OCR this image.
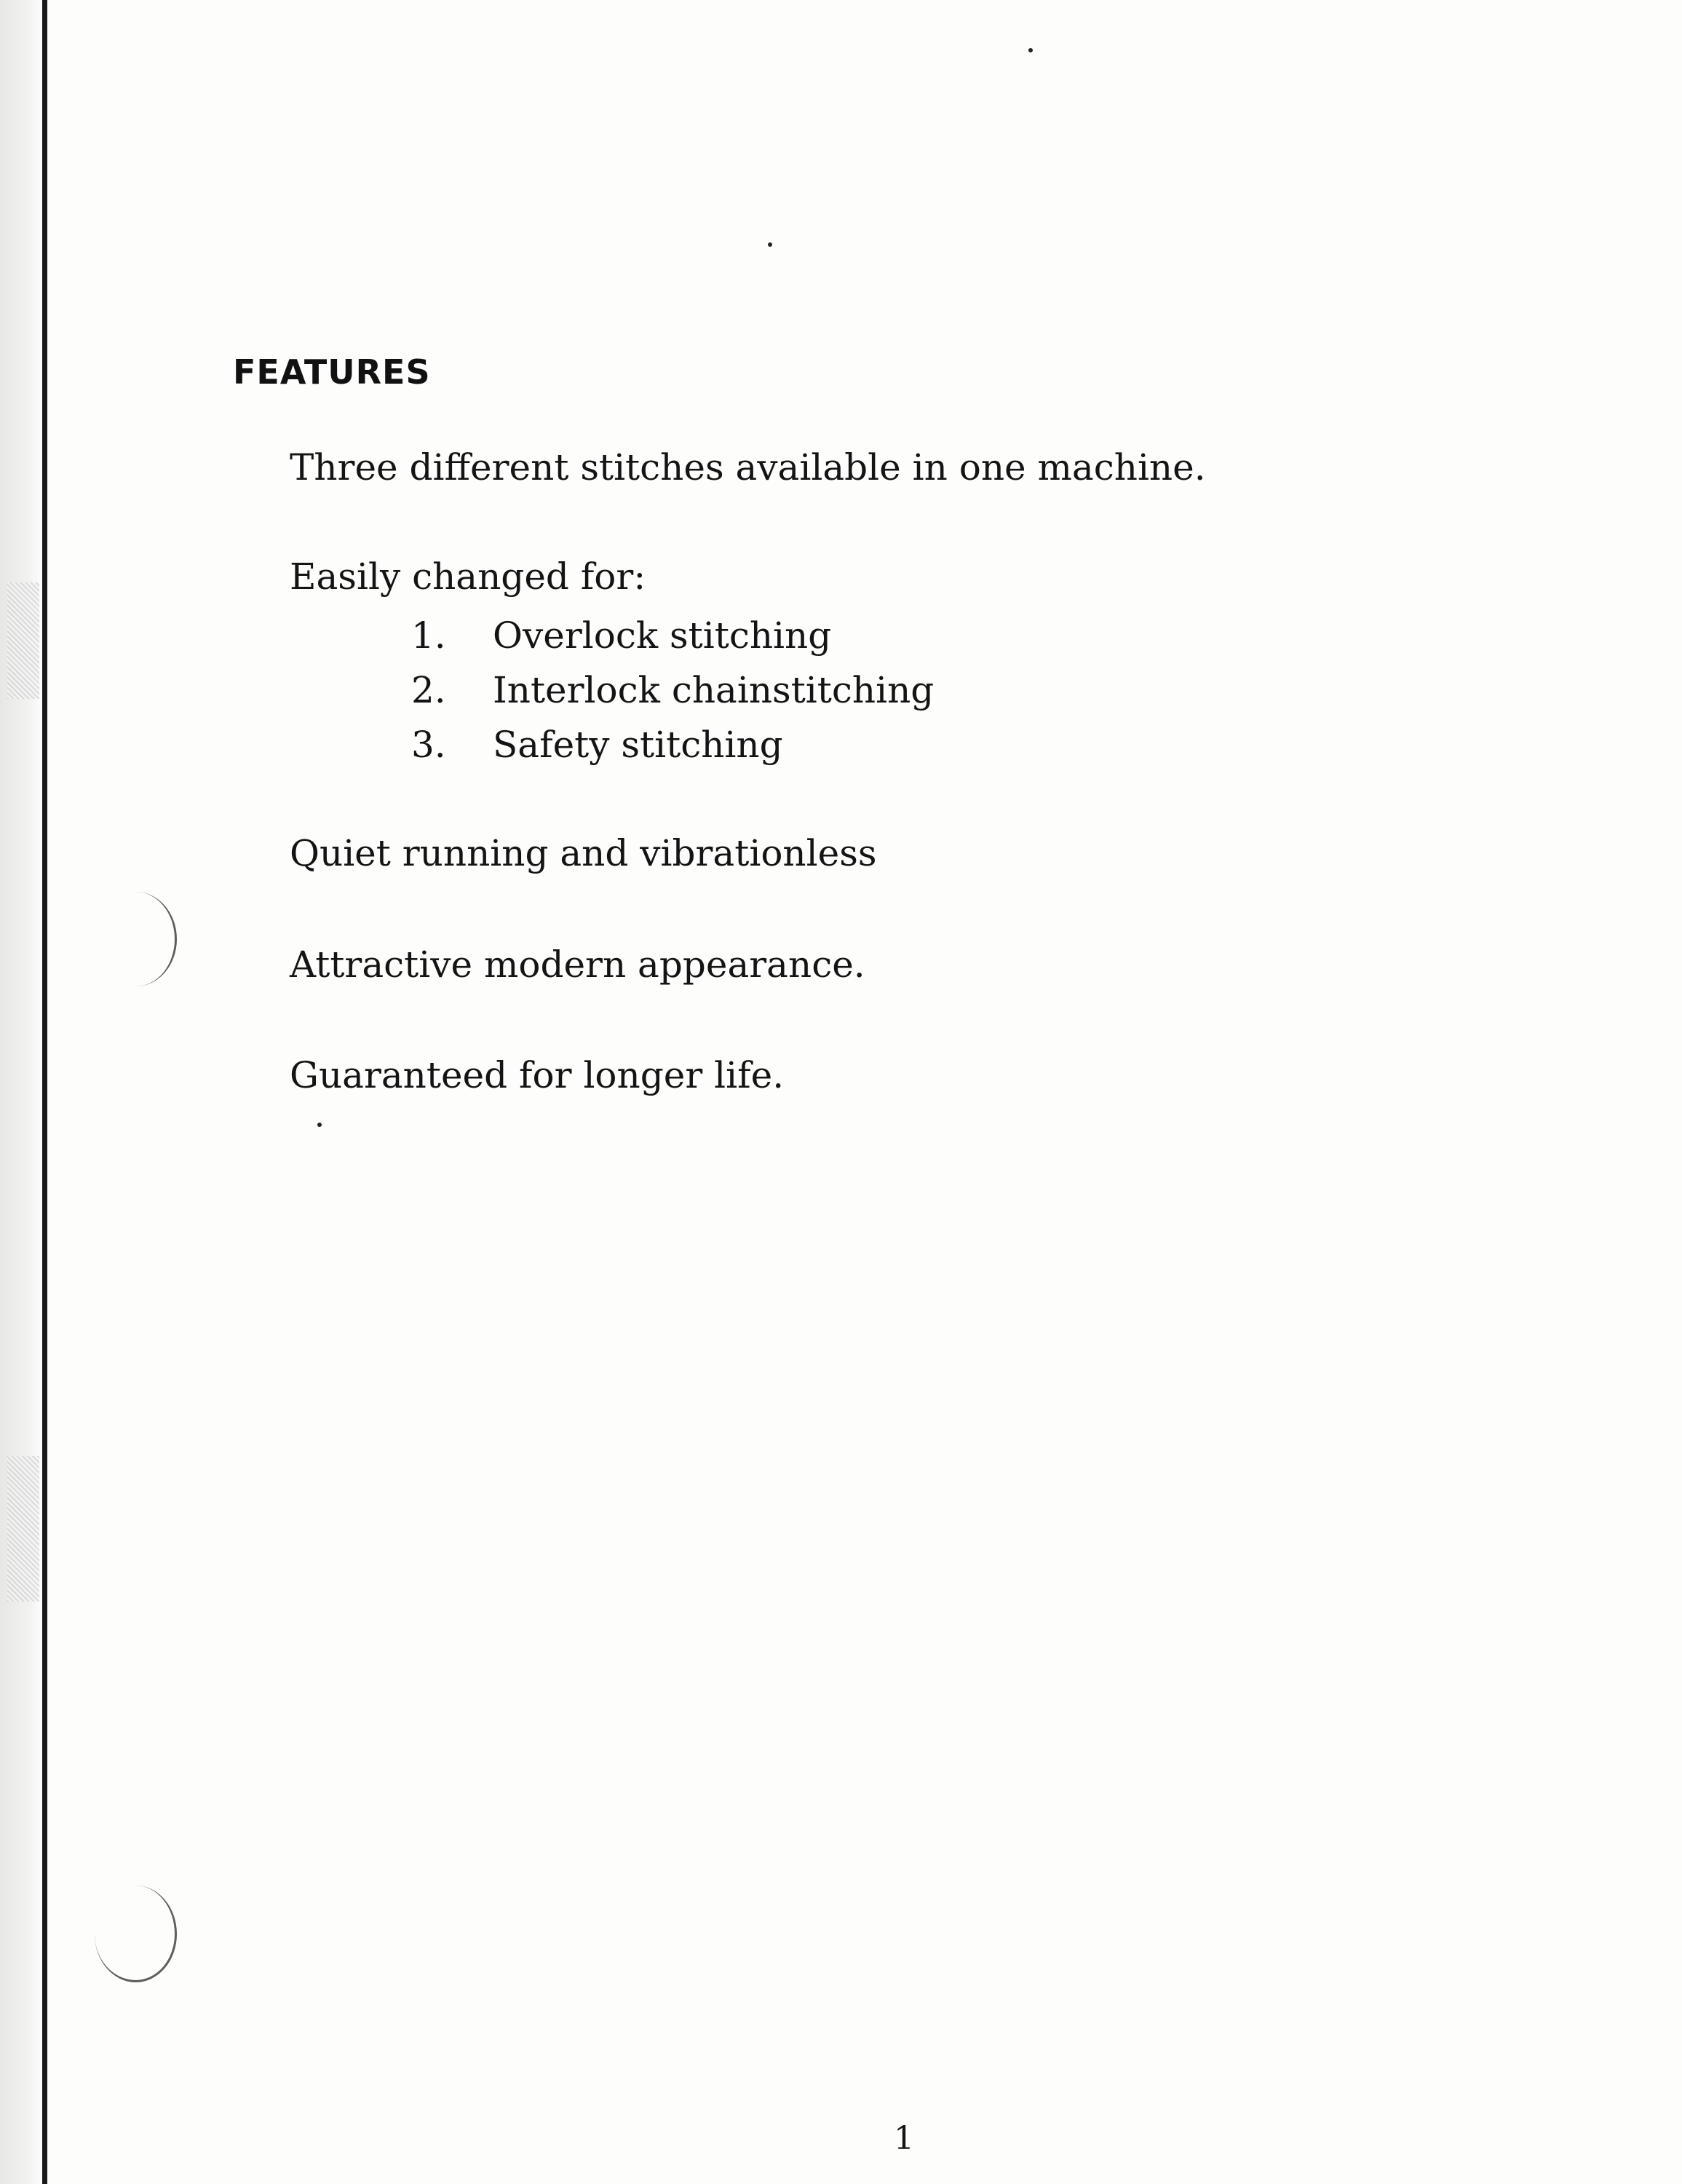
FEATURES

Three different stitches available in one machine.

Easily changed for:

1. Overlock stitching
2. Interlock chainstitching
3. Safety stitching

Quiet running and vibrationless

Attractive modern appearance.

Guaranteed for longer life.

1
